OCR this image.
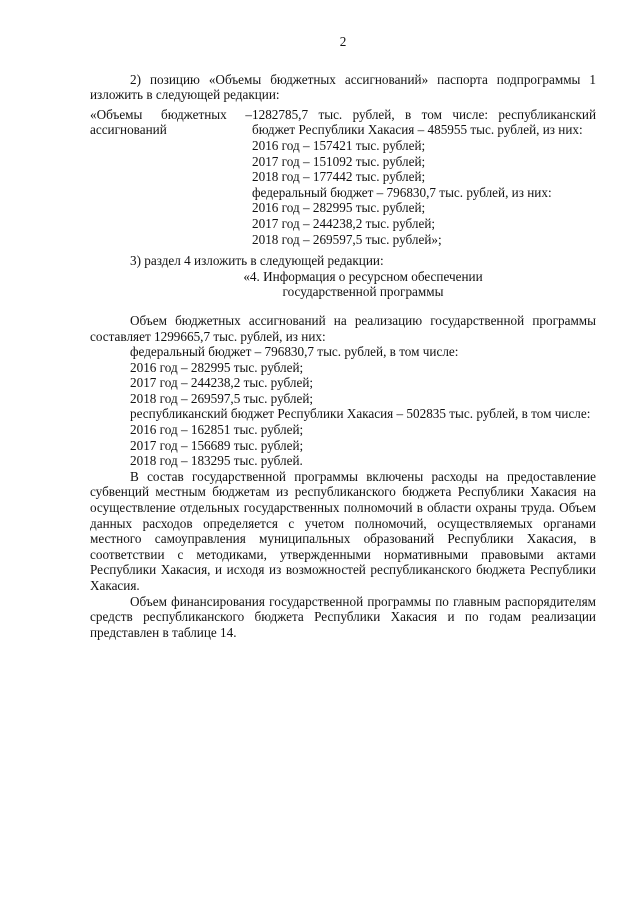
2

2) позицию «Объемы бюджетных ассигнований» паспорта подпрограммы 1 изложить в следующей редакции:

«Объемы бюджетных – ассигнований

1282785,7 тыс. рублей, в том числе: республиканский бюджет Республики Хакасия – 485955 тыс. рублей, из них:

2016 год – 157421 тыс. рублей;
2017 год – 151092 тыс. рублей;
2018 год – 177442 тыс. рублей;
федеральный бюджет – 796830,7 тыс. рублей, из них:
2016 год – 282995 тыс. рублей;
2017 год – 244238,2 тыс. рублей;
2018 год – 269597,5 тыс. рублей»;

3) раздел 4 изложить в следующей редакции:

«4. Информация о ресурсном обеспечении

государственной программы

Объем бюджетных ассигнований на реализацию государственной программы составляет 1299665,7 тыс. рублей, из них:

федеральный бюджет – 796830,7 тыс. рублей, в том числе:

2016 год – 282995 тыс. рублей;

2017 год – 244238,2 тыс. рублей;

2018 год – 269597,5 тыс. рублей;

республиканский бюджет Республики Хакасия – 502835 тыс. рублей, в том числе:

2016 год – 162851 тыс. рублей;

2017 год – 156689 тыс. рублей;

2018 год – 183295 тыс. рублей.

В состав государственной программы включены расходы на предоставление субвенций местным бюджетам из республиканского бюджета Республики Хакасия на осуществление отдельных государственных полномочий в области охраны труда. Объем данных расходов определяется с учетом полномочий, осуществляемых органами местного самоуправления муниципальных образований Республики Хакасия, в соответствии с методиками, утвержденными нормативными правовыми актами Республики Хакасия, и исходя из возможностей республиканского бюджета Республики Хакасия.

Объем финансирования государственной программы по главным распорядителям средств республиканского бюджета Республики Хакасия и по годам реализации представлен в таблице 14.
